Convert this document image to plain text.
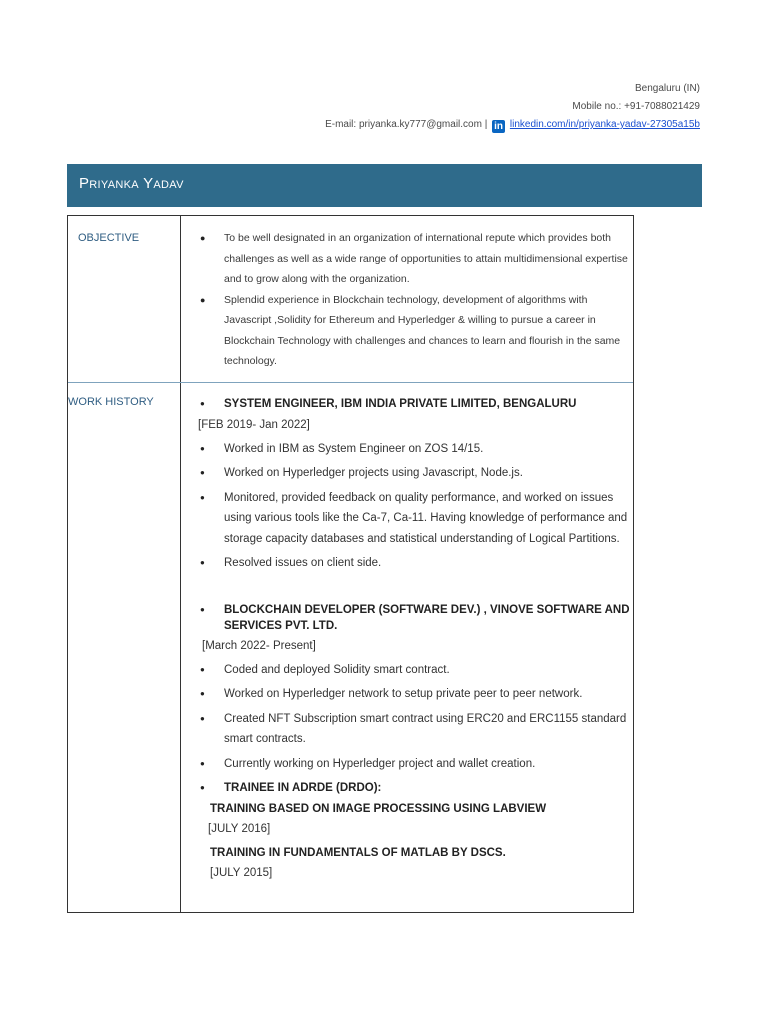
Bengaluru (IN)
Mobile no.: +91-7088021429
E-mail: priyanka.ky777@gmail.com | in linkedin.com/in/priyanka-yadav-27305a15b
Priyanka Yadav
OBJECTIVE	● To be well designated in an organization of international repute which provides both challenges as well as a wide range of opportunities to attain multidimensional expertise and to grow along with the organization.
● Splendid experience in Blockchain technology, development of algorithms with Javascript ,Solidity for Ethereum and Hyperledger & willing to pursue a career in Blockchain Technology with challenges and chances to learn and flourish in the same technology.
WORK HISTORY	● SYSTEM ENGINEER, IBM INDIA PRIVATE LIMITED, BENGALURU
[FEB 2019- Jan 2022]
● Worked in IBM as System Engineer on ZOS 14/15.
● Worked on Hyperledger projects using Javascript, Node.js.
● Monitored, provided feedback on quality performance, and worked on issues using various tools like the Ca-7, Ca-11. Having knowledge of performance and storage capacity databases and statistical understanding of Logical Partitions.
● Resolved issues on client side.
● BLOCKCHAIN DEVELOPER (SOFTWARE DEV.) , VINOVE SOFTWARE AND SERVICES PVT. LTD.
[March 2022- Present]
● Coded and deployed Solidity smart contract.
● Worked on Hyperledger network to setup private peer to peer network.
● Created NFT Subscription smart contract using ERC20 and ERC1155 standard smart contracts.
● Currently working on Hyperledger project and wallet creation.
● TRAINEE IN ADRDE (DRDO):
TRAINING BASED ON IMAGE PROCESSING USING LABVIEW
[JULY 2016]
TRAINING IN FUNDAMENTALS OF MATLAB BY DSCS.
[JULY 2015]
